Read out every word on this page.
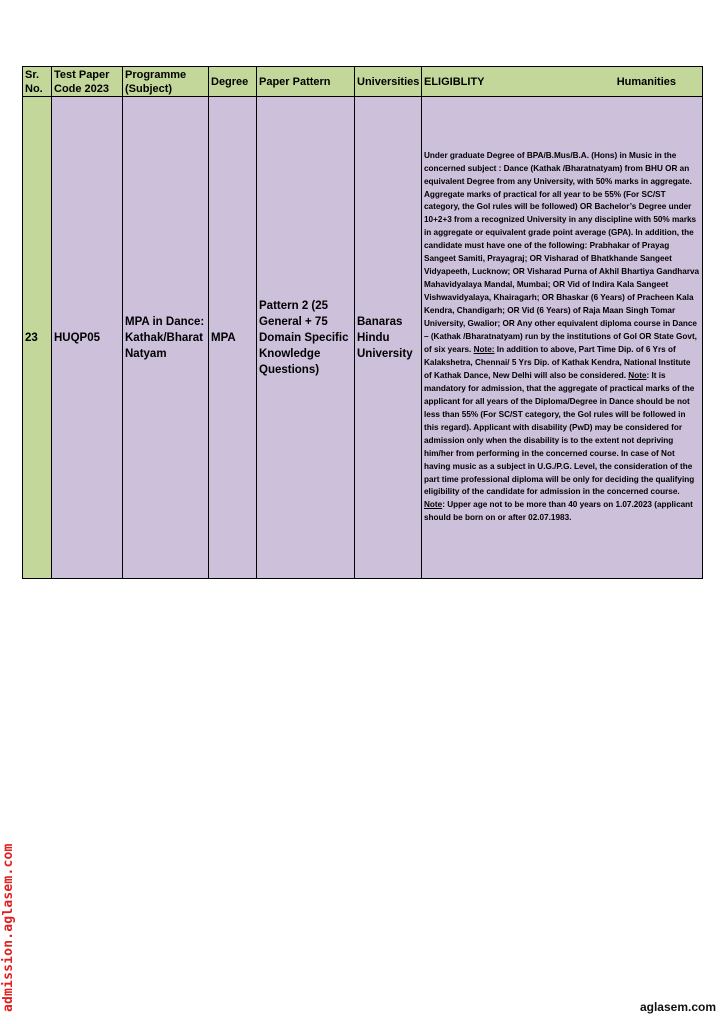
Sr. No.	Test Paper Code 2023	Programme (Subject)	Degree	Paper Pattern	Universities	ELIGIBLITY Humanities

23	HUQP05	MPA in Dance: Kathak/Bharat Natyam	MPA	Pattern 2 (25 General + 75 Domain Specific Knowledge Questions)	Banaras Hindu University	Under graduate Degree of BPA/B.Mus/B.A. (Hons) in Music in the concerned subject : Dance (Kathak /Bharatnatyam) from BHU OR an equivalent Degree from any University, with 50% marks in aggregate. Aggregate marks of practical for all year to be 55% (For SC/ST category, the GoI rules will be followed) OR Bachelor’s Degree under 10+2+3 from a recognized University in any discipline with 50% marks in aggregate or equivalent grade point average (GPA). In addition, the candidate must have one of the following: Prabhakar of Prayag Sangeet Samiti, Prayagraj; OR Visharad of Bhatkhande Sangeet Vidyapeeth, Lucknow; OR Visharad Purna of Akhil Bhartiya Gandharva Mahavidyalaya Mandal, Mumbai; OR Vid of Indira Kala Sangeet Vishwavidyalaya, Khairagarh; OR Bhaskar (6 Years) of Pracheen Kala Kendra, Chandigarh; OR Vid (6 Years) of Raja Maan Singh Tomar University, Gwalior; OR Any other equivalent diploma course in Dance – (Kathak /Bharatnatyam) run by the institutions of GoI OR State Govt, of six years. Note: In addition to above, Part Time Dip. of 6 Yrs of Kalakshetra, Chennai/ 5 Yrs Dip. of Kathak Kendra, National Institute of Kathak Dance, New Delhi will also be considered. Note: It is mandatory for admission, that the aggregate of practical marks of the applicant for all years of the Diploma/Degree in Dance should be not less than 55% (For SC/ST category, the GoI rules will be followed in this regard). Applicant with disability (PwD) may be considered for admission only when the disability is to the extent not depriving him/her from performing in the concerned course. In case of Not having music as a subject in U.G./P.G. Level, the consideration of the part time professional diploma will be only for deciding the qualifying eligibility of the candidate for admission in the concerned course. Note: Upper age not to be more than 40 years on 1.07.2023 (applicant should be born on or after 02.07.1983.
admission.aglasem.com	aglasem.com
